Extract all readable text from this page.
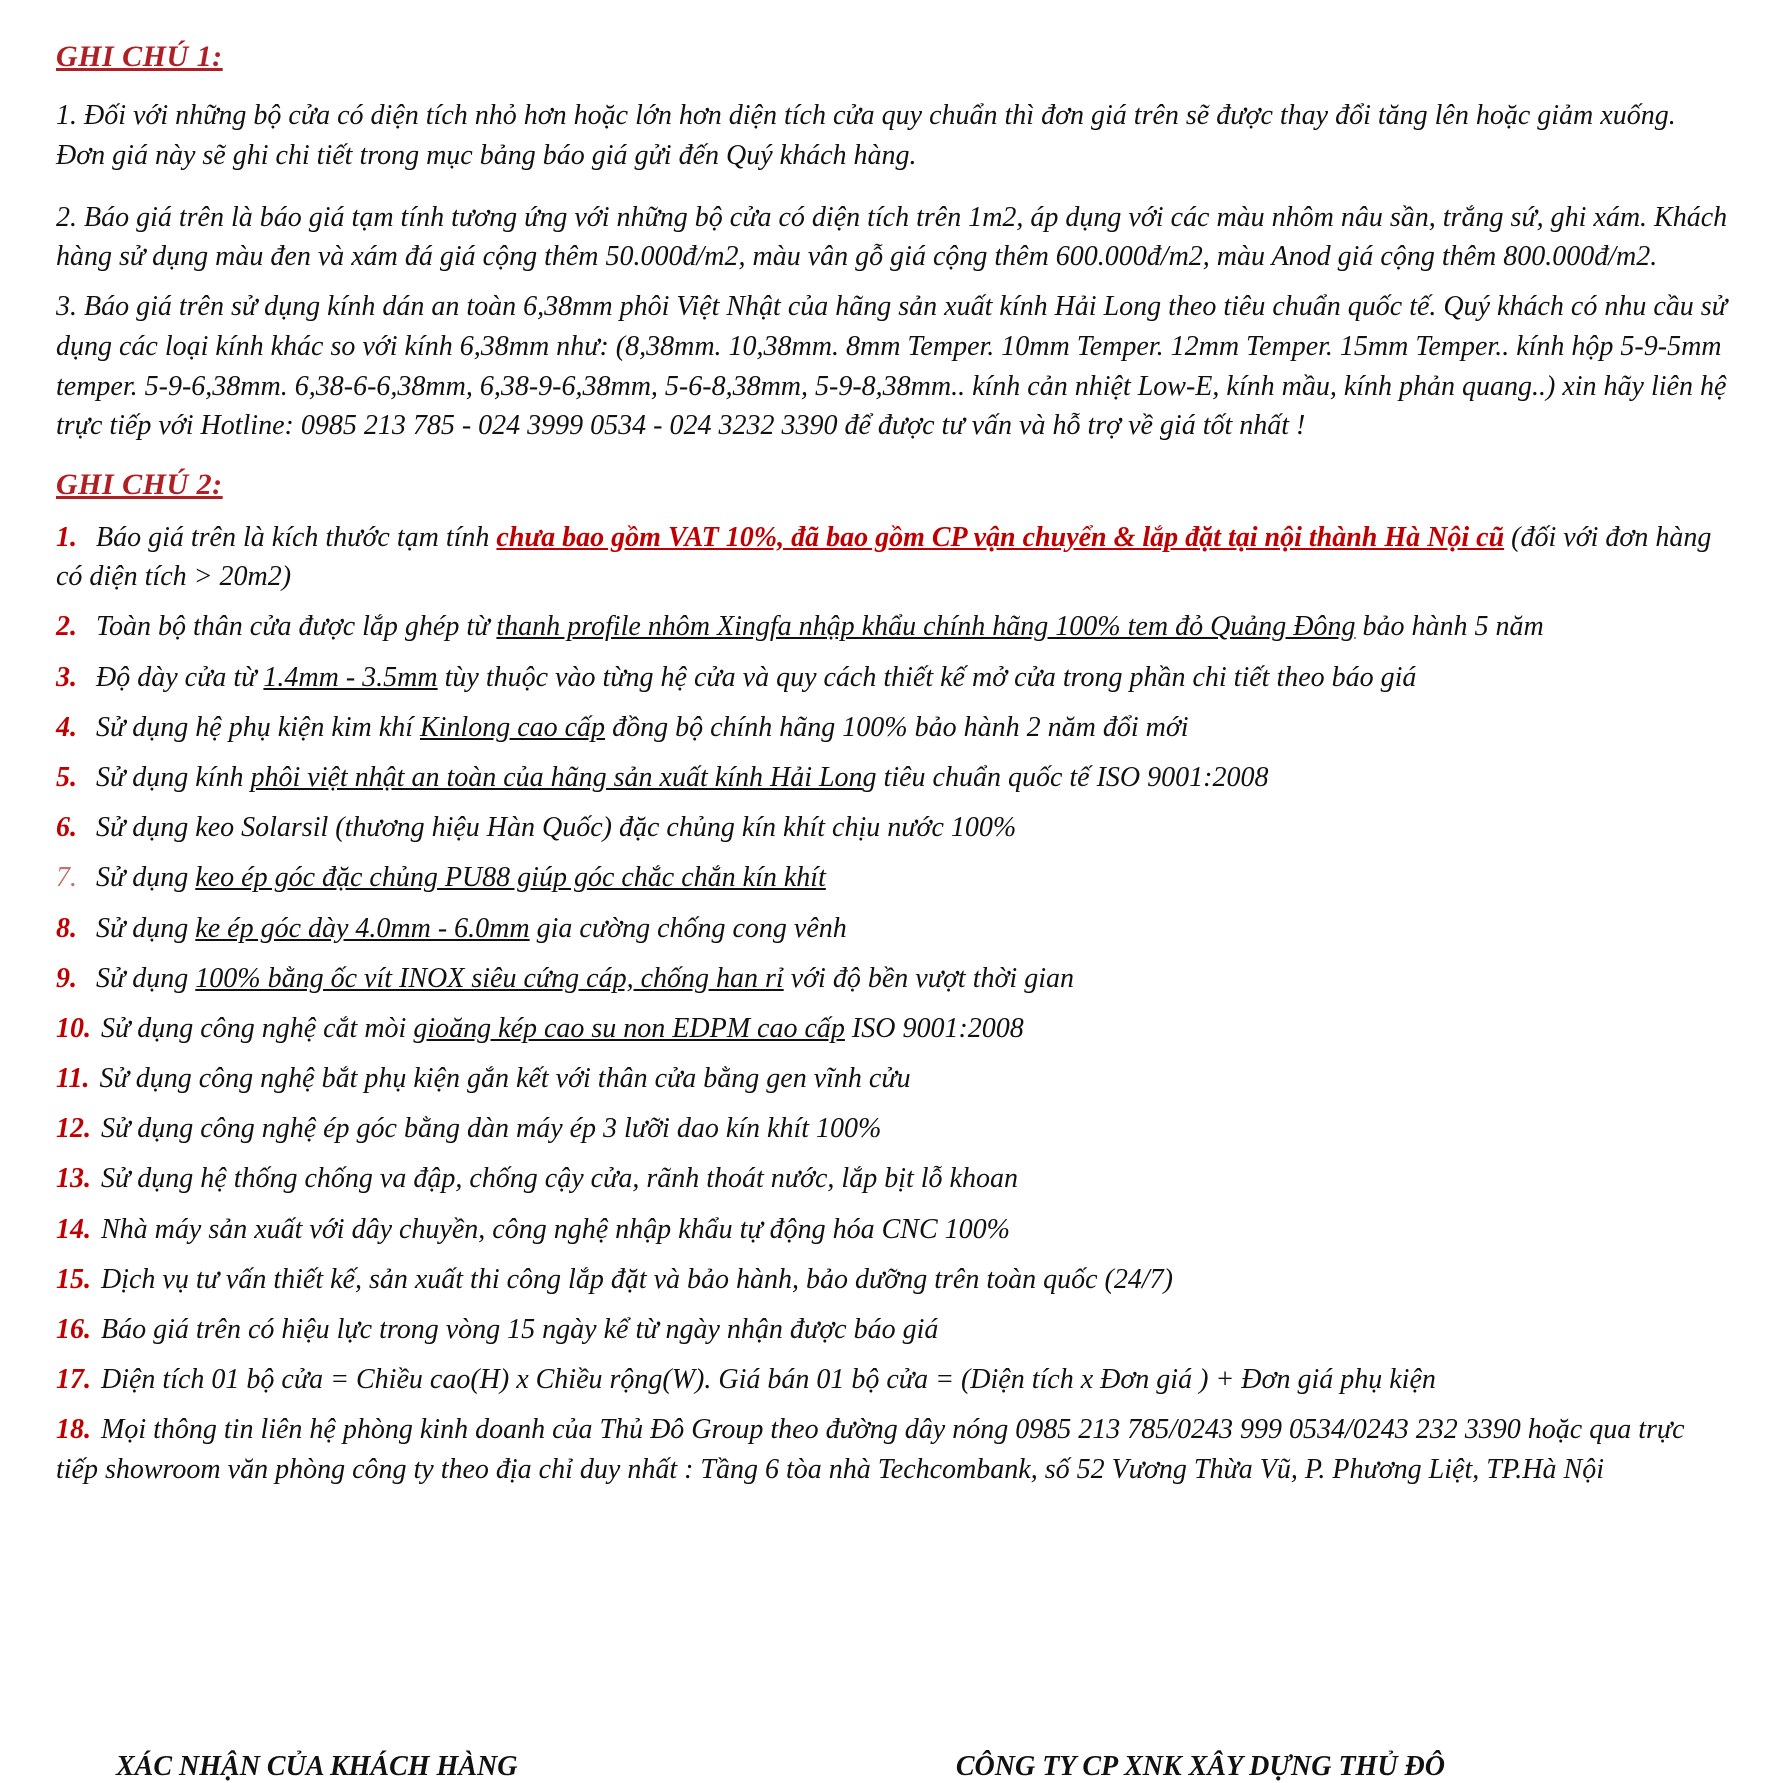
GHI CHÚ 1:

1. Đối với những bộ cửa có diện tích nhỏ hơn hoặc lớn hơn diện tích cửa quy chuẩn thì đơn giá trên sẽ được thay đổi tăng lên hoặc giảm xuống. Đơn giá này sẽ ghi chi tiết trong mục bảng báo giá gửi đến Quý khách hàng.

2. Báo giá trên là báo giá tạm tính tương ứng với những bộ cửa có diện tích trên 1m2, áp dụng với các màu nhôm nâu sần, trắng sứ, ghi xám. Khách hàng sử dụng màu đen và xám đá giá cộng thêm 50.000đ/m2, màu vân gỗ giá cộng thêm 600.000đ/m2, màu Anod giá cộng thêm 800.000đ/m2.

3. Báo giá trên sử dụng kính dán an toàn 6,38mm phôi Việt Nhật của hãng sản xuất kính Hải Long theo tiêu chuẩn quốc tế. Quý khách có nhu cầu sử dụng các loại kính khác so với kính 6,38mm như: (8,38mm. 10,38mm. 8mm Temper. 10mm Temper. 12mm Temper. 15mm Temper.. kính hộp 5-9-5mm temper. 5-9-6,38mm. 6,38-6-6,38mm, 6,38-9-6,38mm, 5-6-8,38mm, 5-9-8,38mm.. kính cản nhiệt Low-E, kính mầu, kính phản quang..) xin hãy liên hệ trực tiếp với Hotline: 0985 213 785 - 024 3999 0534 - 024 3232 3390 để được tư vấn và hỗ trợ về giá tốt nhất !

GHI CHÚ 2:
1. Báo giá trên là kích thước tạm tính chưa bao gồm VAT 10%, đã bao gồm CP vận chuyển & lắp đặt tại nội thành Hà Nội cũ (đối với đơn hàng có diện tích > 20m2)
2. Toàn bộ thân cửa được lắp ghép từ thanh profile nhôm Xingfa nhập khẩu chính hãng 100% tem đỏ Quảng Đông bảo hành 5 năm
3. Độ dày cửa từ 1.4mm - 3.5mm tùy thuộc vào từng hệ cửa và quy cách thiết kế mở cửa trong phần chi tiết theo báo giá
4. Sử dụng hệ phụ kiện kim khí Kinlong cao cấp đồng bộ chính hãng 100% bảo hành 2 năm đổi mới
5. Sử dụng kính phôi việt nhật an toàn của hãng sản xuất kính Hải Long tiêu chuẩn quốc tế ISO 9001:2008
6. Sử dụng keo Solarsil (thương hiệu Hàn Quốc) đặc chủng kín khít chịu nước 100%
7. Sử dụng keo ép góc đặc chủng PU88 giúp góc chắc chắn kín khít
8. Sử dụng ke ép góc dày 4.0mm - 6.0mm gia cường chống cong vênh
9. Sử dụng 100% bằng ốc vít INOX siêu cứng cáp, chống han rỉ với độ bền vượt thời gian
10. Sử dụng công nghệ cắt mòi gioăng kép cao su non EDPM cao cấp ISO 9001:2008
11. Sử dụng công nghệ bắt phụ kiện gắn kết với thân cửa bằng gen vĩnh cửu
12. Sử dụng công nghệ ép góc bằng dàn máy ép 3 lưỡi dao kín khít 100%
13. Sử dụng hệ thống chống va đập, chống cậy cửa, rãnh thoát nước, lắp bịt lỗ khoan
14. Nhà máy sản xuất với dây chuyền, công nghệ nhập khẩu tự động hóa CNC 100%
15. Dịch vụ tư vấn thiết kế, sản xuất thi công lắp đặt và bảo hành, bảo dưỡng trên toàn quốc (24/7)
16. Báo giá trên có hiệu lực trong vòng 15 ngày kể từ ngày nhận được báo giá
17. Diện tích 01 bộ cửa = Chiều cao(H) x Chiều rộng(W). Giá bán 01 bộ cửa = (Diện tích x Đơn giá ) + Đơn giá phụ kiện
18. Mọi thông tin liên hệ phòng kinh doanh của Thủ Đô Group theo đường dây nóng 0985 213 785/0243 999 0534/0243 232 3390 hoặc qua trực tiếp showroom văn phòng công ty theo địa chỉ duy nhất : Tầng 6 tòa nhà Techcombank, số 52 Vương Thừa Vũ, P. Phương Liệt, TP.Hà Nội
XÁC NHẬN CỦA KHÁCH HÀNG	CÔNG TY CP XNK XÂY DỰNG THỦ ĐÔ
